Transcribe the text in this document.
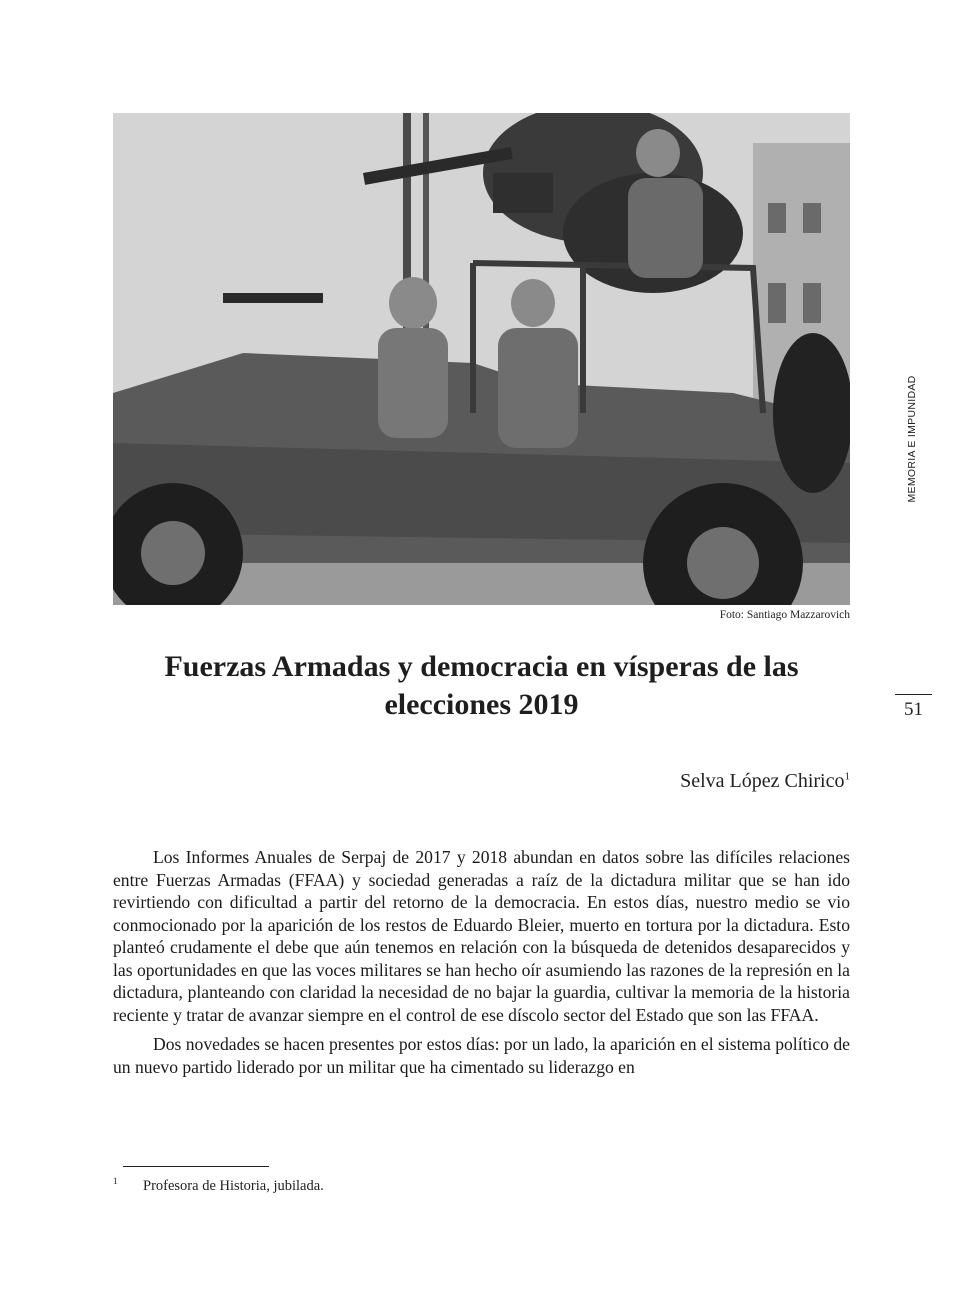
Foto: Santiago Mazzarovich
Fuerzas Armadas y democracia en vísperas de las elecciones 2019
Selva López Chirico$^1$

Los Informes Anuales de Serpaj de 2017 y 2018 abundan en datos sobre las difíciles relaciones entre Fuerzas Armadas (FFAA) y sociedad generadas a raíz de la dictadura militar que se han ido revirtiendo con dificultad a partir del retorno de la democracia. En estos días, nuestro medio se vio conmocionado por la aparición de los restos de Eduardo Bleier, muerto en tortura por la dictadura. Esto planteó crudamente el debe que aún tenemos en relación con la búsqueda de detenidos desaparecidos y las oportunidades en que las voces militares se han hecho oír asumiendo las razones de la represión en la dictadura, planteando con claridad la necesidad de no bajar la guardia, cultivar la memoria de la historia reciente y tratar de avanzar siempre en el control de ese díscolo sector del Estado que son las FFAA.

Dos novedades se hacen presentes por estos días: por un lado, la aparición en el sistema político de un nuevo partido liderado por un militar que ha cimentado su liderazgo en

MEMORIA E IMPUNIDAD
51
1 Profesora de Historia, jubilada.
